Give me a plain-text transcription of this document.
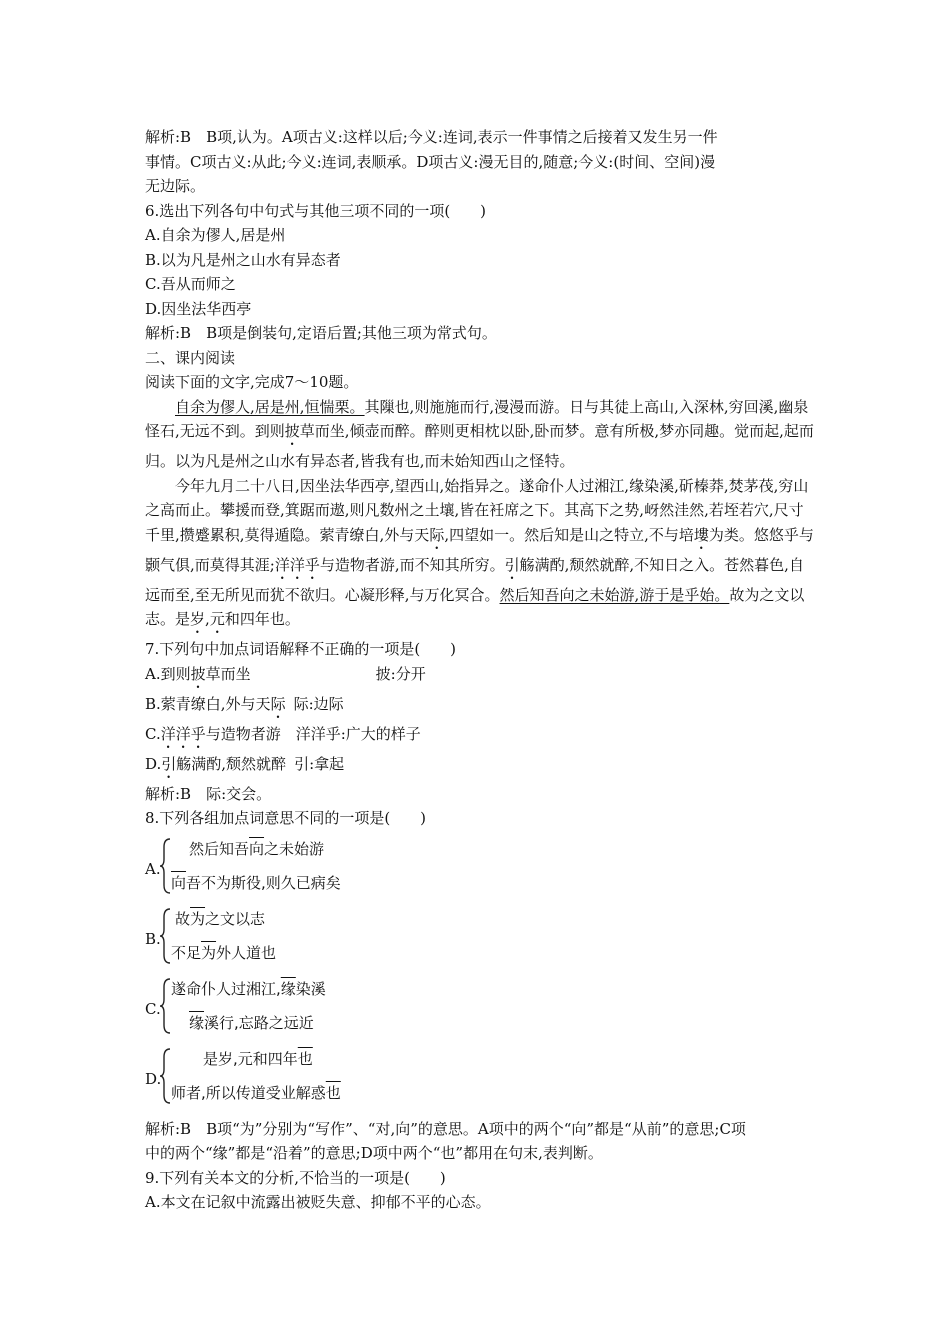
解析:B　B项,认为。A项古义:这样以后;今义:连词,表示一件事情之后接着又发生另一件
事情。C项古义:从此;今义:连词,表顺承。D项古义:漫无目的,随意;今义:(时间、空间)漫
无边际。
6.选出下列各句中句式与其他三项不同的一项(　　)
A.自余为僇人,居是州
B.以为凡是州之山水有异态者
C.吾从而师之
D.因坐法华西亭
解析:B　B项是倒装句,定语后置;其他三项为常式句。
二、课内阅读
阅读下面的文字,完成7～10题。
自余为僇人,居是州,恒惴栗。其隟也,则施施而行,漫漫而游。日与其徒上高山,入深林,穷回溪,幽泉怪石,无远不到。到则披草而坐,倾壶而醉。醉则更相枕以卧,卧而梦。意有所极,梦亦同趣。觉而起,起而归。以为凡是州之山水有异态者,皆我有也,而未始知西山之怪特。
今年九月二十八日,因坐法华西亭,望西山,始指异之。遂命仆人过湘江,缘染溪,斫榛莽,焚茅茷,穷山之高而止。攀援而登,箕踞而遨,则凡数州之土壤,皆在衽席之下。其高下之势,岈然洼然,若垤若穴,尺寸千里,攒蹙累积,莫得遁隐。萦青缭白,外与天际,四望如一。然后知是山之特立,不与培塿为类。悠悠乎与颢气俱,而莫得其涯;洋洋乎与造物者游,而不知其所穷。引觞满酌,颓然就醉,不知日之入。苍然暮色,自远而至,至无所见而犹不欲归。心凝形释,与万化冥合。然后知吾向之未始游,游于是乎始。故为之文以志。是岁,元和四年也。
7.下列句中加点词语解释不正确的一项是(　　)
A.到则披草而坐	披:分开
B.萦青缭白,外与天际 际:边际
C.洋洋乎与造物者游 洋洋乎:广大的样子
D.引觞满酌,颓然就醉 引:拿起
解析:B　际:交会。
8.下列各组加点词意思不同的一项是(　　)
A.
然后知吾向之未始游
向吾不为斯役,则久已病矣
B.
故为之文以志
不足为外人道也
C.
遂命仆人过湘江,缘染溪
缘溪行,忘路之远近
D.
是岁,元和四年也
师者,所以传道受业解惑也
解析:B　B项“为”分别为“写作”、“对,向”的意思。A项中的两个“向”都是“从前”的意思;C项
中的两个“缘”都是“沿着”的意思;D项中两个“也”都用在句末,表判断。
9.下列有关本文的分析,不恰当的一项是(　　)
A.本文在记叙中流露出被贬失意、抑郁不平的心态。
